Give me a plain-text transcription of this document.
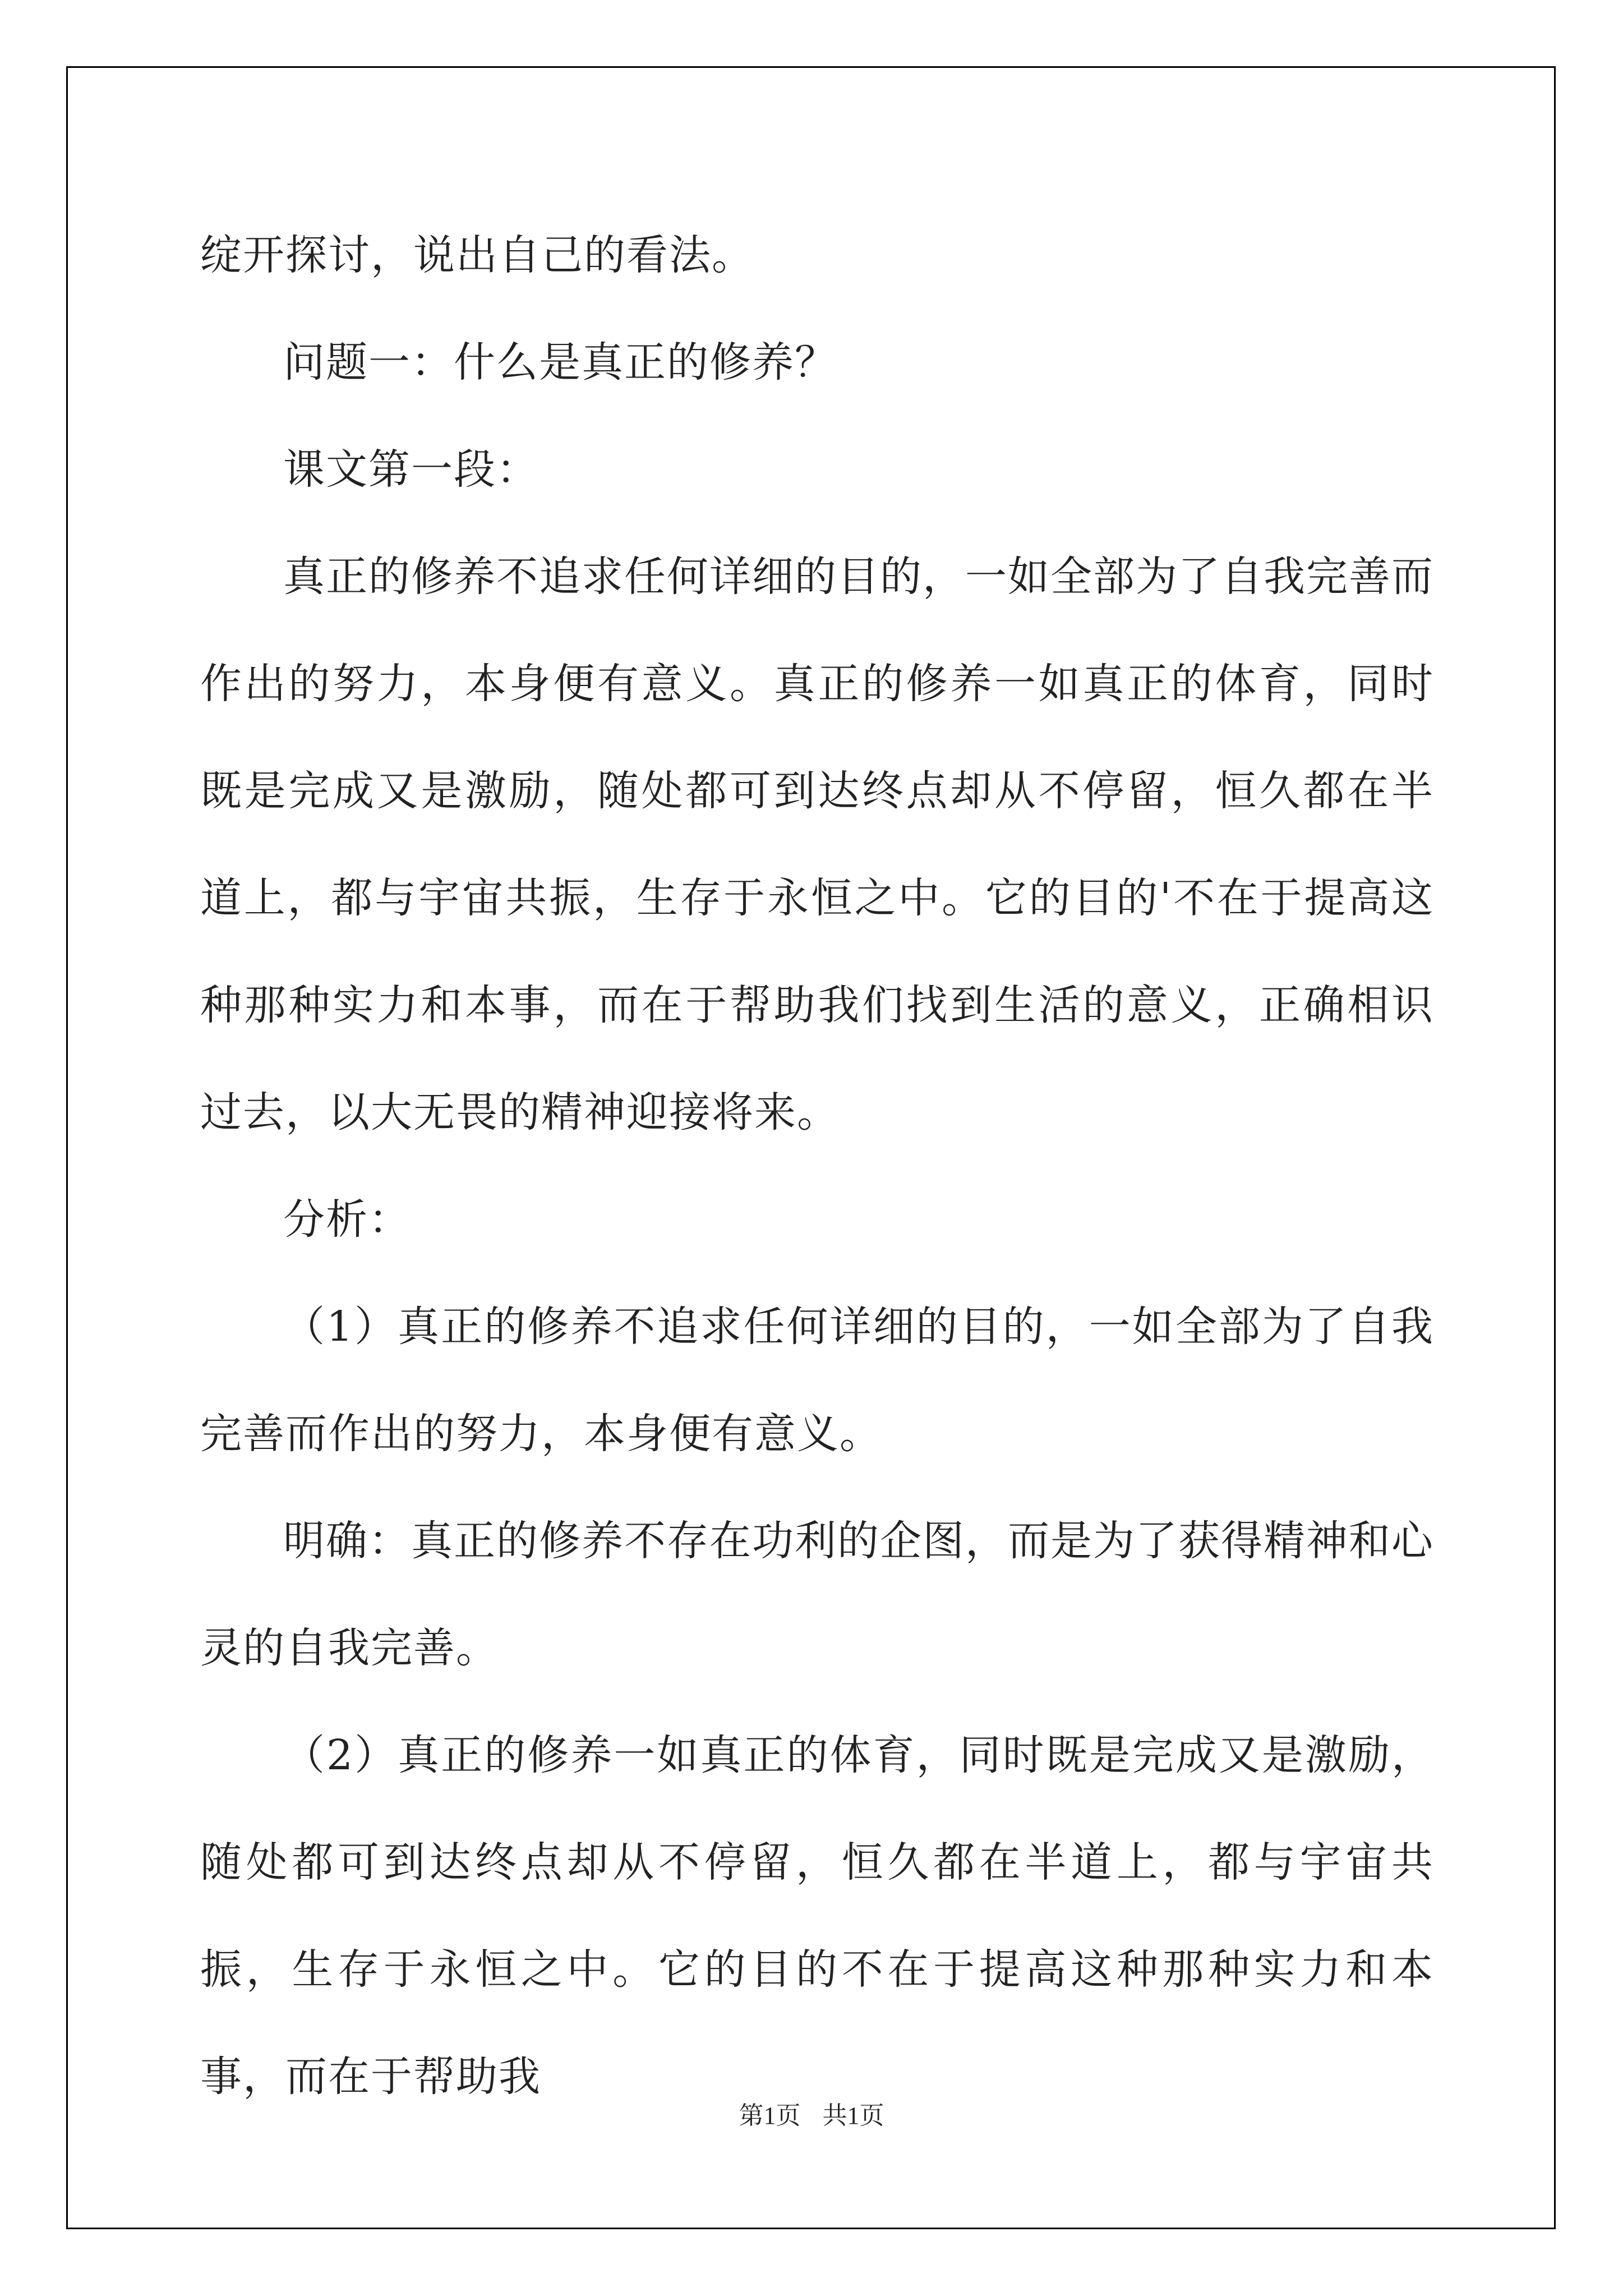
绽开探讨，说出自己的看法。

问题一：什么是真正的修养？

课文第一段：

真正的修养不追求任何详细的目的，一如全部为了自我完善而作出的努力，本身便有意义。真正的修养一如真正的体育，同时既是完成又是激励，随处都可到达终点却从不停留，恒久都在半道上，都与宇宙共振，生存于永恒之中。它的目的'不在于提高这种那种实力和本事，而在于帮助我们找到生活的意义，正确相识过去，以大无畏的精神迎接将来。

分析：

（1）真正的修养不追求任何详细的目的，一如全部为了自我完善而作出的努力，本身便有意义。

明确：真正的修养不存在功利的企图，而是为了获得精神和心灵的自我完善。

（2）真正的修养一如真正的体育，同时既是完成又是激励，随处都可到达终点却从不停留，恒久都在半道上，都与宇宙共振，生存于永恒之中。它的目的不在于提高这种那种实力和本事，而在于帮助我

第1页 共1页
